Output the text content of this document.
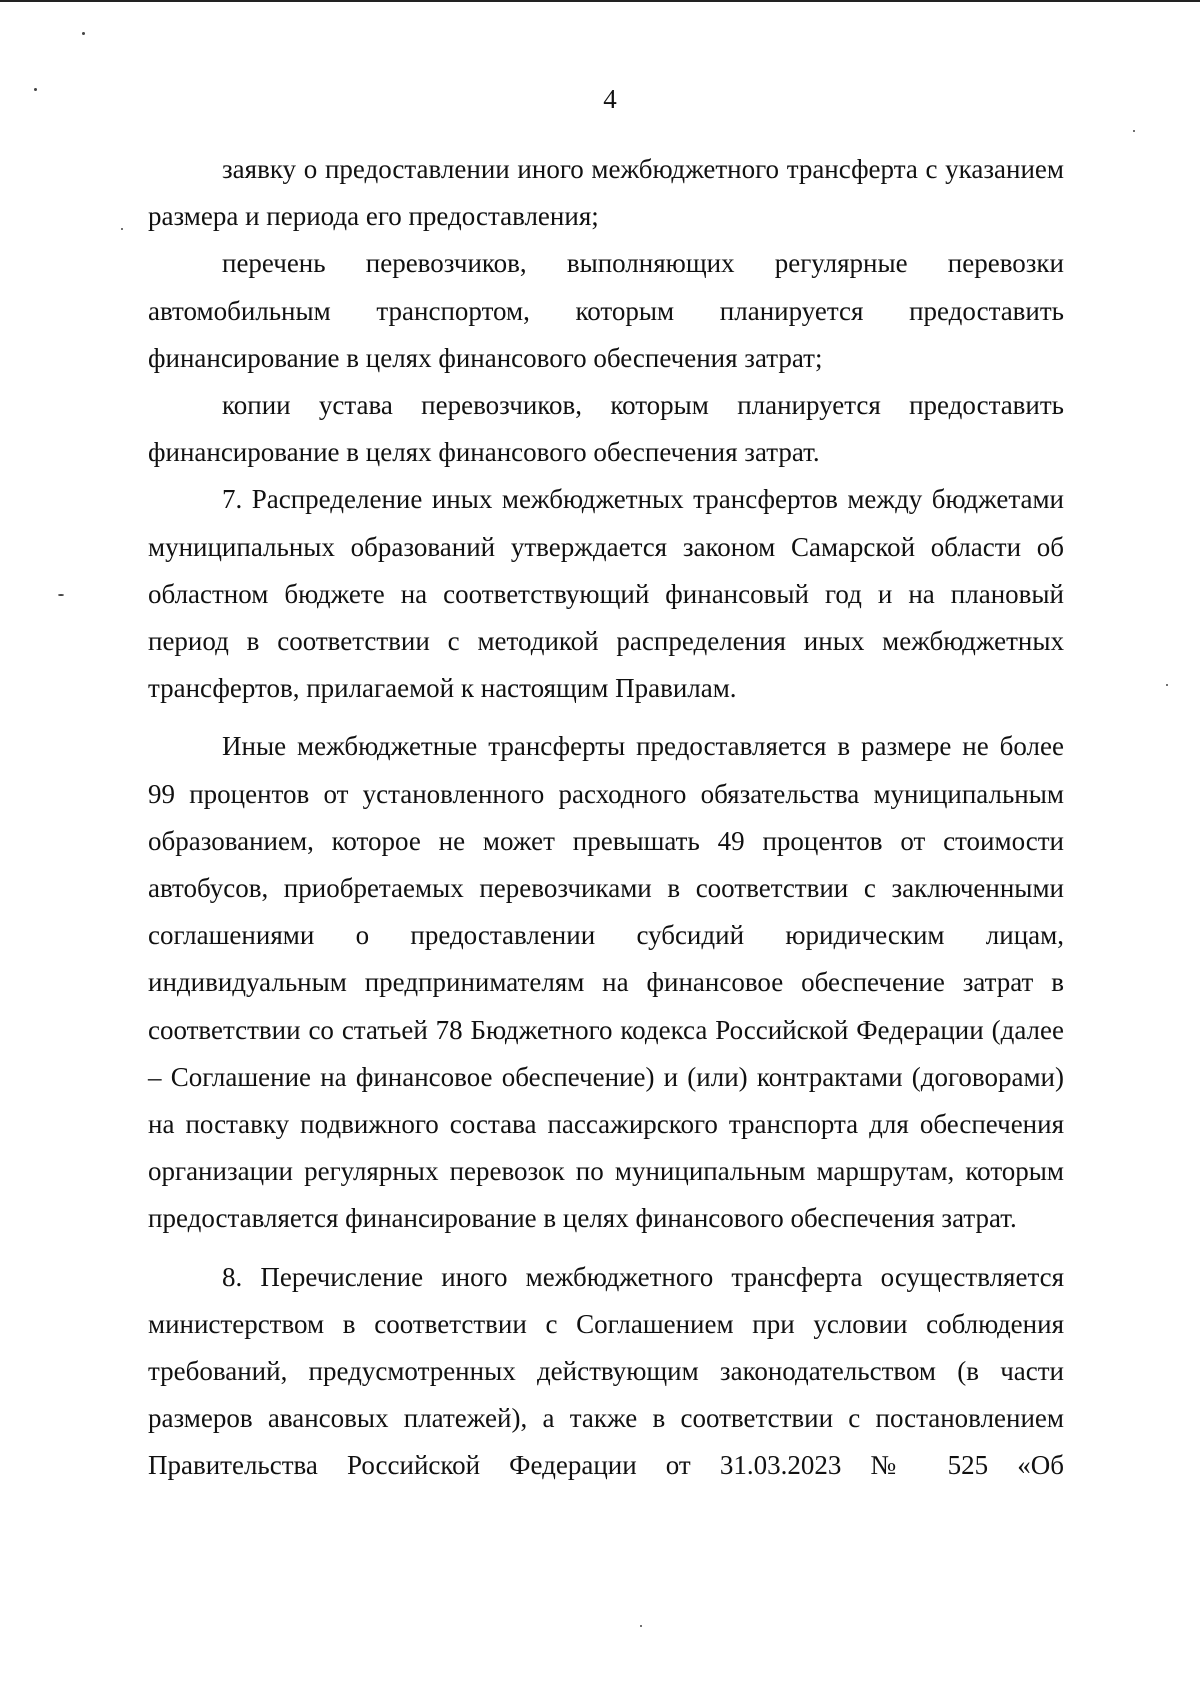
4

заявку о предоставлении иного межбюджетного трансферта с указанием размера и периода его предоставления;

перечень перевозчиков, выполняющих регулярные перевозки автомобильным транспортом, которым планируется предоставить финансирование в целях финансового обеспечения затрат;

копии устава перевозчиков, которым планируется предоставить финансирование в целях финансового обеспечения затрат.

7. Распределение иных межбюджетных трансфертов между бюджетами муниципальных образований утверждается законом Самарской области об областном бюджете на соответствующий финансовый год и на плановый период в соответствии с методикой распределения иных межбюджетных трансфертов, прилагаемой к настоящим Правилам.

Иные межбюджетные трансферты предоставляется в размере не более 99 процентов от установленного расходного обязательства муниципальным образованием, которое не может превышать 49 процентов от стоимости автобусов, приобретаемых перевозчиками в соответствии с заключенными соглашениями о предоставлении субсидий юридическим лицам, индивидуальным предпринимателям на финансовое обеспечение затрат в соответствии со статьей 78 Бюджетного кодекса Российской Федерации (далее – Соглашение на финансовое обеспечение) и (или) контрактами (договорами) на поставку подвижного состава пассажирского транспорта для обеспечения организации регулярных перевозок по муниципальным маршрутам, которым предоставляется финансирование в целях финансового обеспечения затрат.

8. Перечисление иного межбюджетного трансферта осуществляется министерством в соответствии с Соглашением при условии соблюдения требований, предусмотренных действующим законодательством (в части размеров авансовых платежей), а также в соответствии с постановлением Правительства Российской Федерации от 31.03.2023 № 525 «Об
